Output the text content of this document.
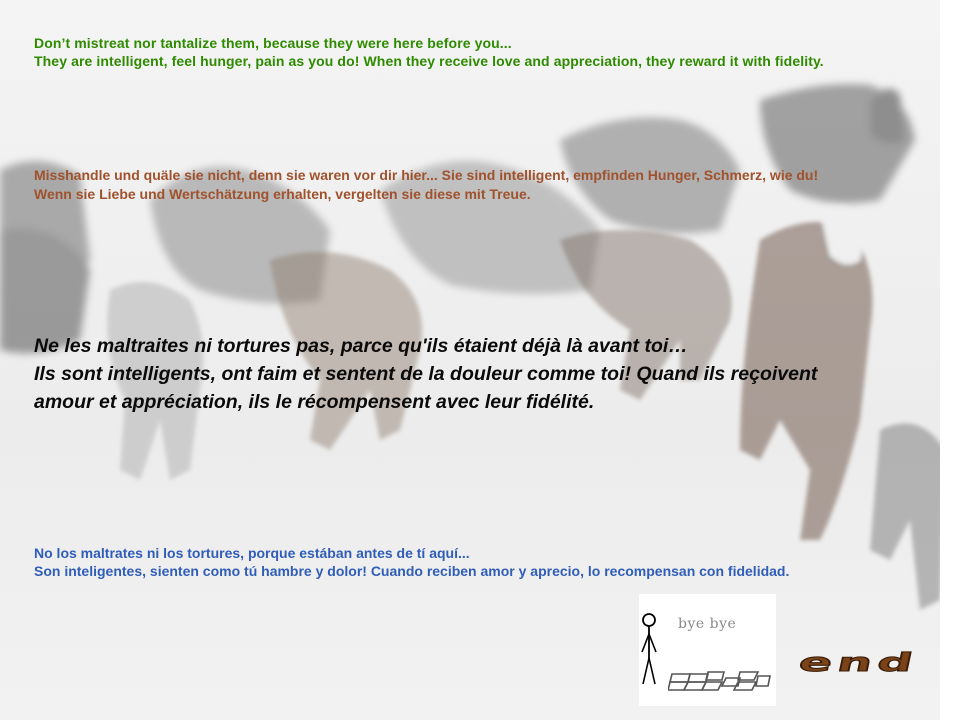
Don’t mistreat nor tantalize them, because they were here before you...
They are intelligent, feel hunger, pain as you do! When they receive love and appreciation, they reward it with fidelity.

Misshandle und quäle sie nicht, denn sie waren vor dir hier... Sie sind intelligent, empfinden Hunger, Schmerz, wie du!
Wenn sie Liebe und Wertschätzung erhalten, vergelten sie diese mit Treue.

Ne les maltraites ni tortures pas, parce qu'ils étaient déjà là avant toi…
Ils sont intelligents, ont faim et sentent de la douleur comme toi! Quand ils reçoivent
amour et appréciation, ils le récompensent avec leur fidélité.

No los maltrates ni los tortures, porque estában antes de tí aquí...
Son inteligentes, sienten como tú hambre y dolor! Cuando reciben amor y aprecio, lo recompensan con fidelidad.

bye bye
end
